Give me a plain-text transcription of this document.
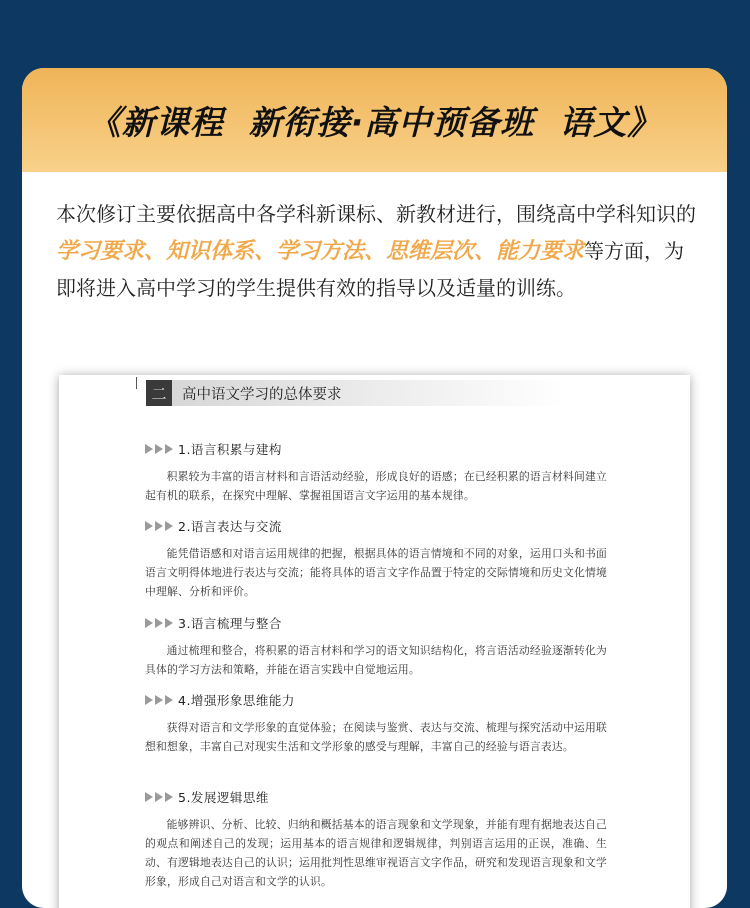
《新课程  新衔接·高中预备班  语文》
本次修订主要依据高中各学科新课标、新教材进行，围绕高中学科知识的学习要求、知识体系、学习方法、思维层次、能力要求等方面，为即将进入高中学习的学生提供有效的指导以及适量的训练。
二	高中语文学习的总体要求
1.语言积累与建构
积累较为丰富的语言材料和言语活动经验，形成良好的语感；在已经积累的语言材料间建立起有机的联系，在探究中理解、掌握祖国语言文字运用的基本规律。
2.语言表达与交流
能凭借语感和对语言运用规律的把握，根据具体的语言情境和不同的对象，运用口头和书面语言文明得体地进行表达与交流；能将具体的语言文字作品置于特定的交际情境和历史文化情境中理解、分析和评价。
3.语言梳理与整合
通过梳理和整合，将积累的语言材料和学习的语文知识结构化，将言语活动经验逐渐转化为具体的学习方法和策略，并能在语言实践中自觉地运用。
4.增强形象思维能力
获得对语言和文学形象的直觉体验；在阅读与鉴赏、表达与交流、梳理与探究活动中运用联想和想象，丰富自己对现实生活和文学形象的感受与理解，丰富自己的经验与语言表达。
5.发展逻辑思维
能够辨识、分析、比较、归纳和概括基本的语言现象和文学现象，并能有理有据地表达自己的观点和阐述自己的发现；运用基本的语言规律和逻辑规律，判别语言运用的正误，准确、生动、有逻辑地表达自己的认识；运用批判性思维审视语言文字作品，研究和发现语言现象和文学形象，形成自己对语言和文学的认识。
